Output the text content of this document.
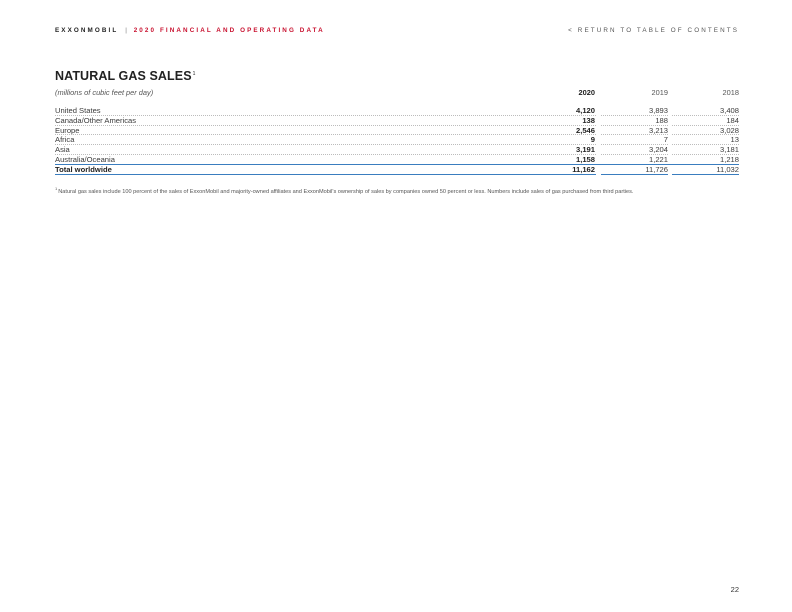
EXXONMOBIL | 2020 FINANCIAL AND OPERATING DATA	< RETURN TO TABLE OF CONTENTS
NATURAL GAS SALES$^1$
(millions of cubic feet per day)	2020	2019	2018
United States	4,120	3,893	3,408
Canada/Other Americas	138	188	184
Europe	2,546	3,213	3,028
Africa	9	7	13
Asia	3,191	3,204	3,181
Australia/Oceania	1,158	1,221	1,218
Total worldwide	11,162	11,726	11,032
$^1$Natural gas sales include 100 percent of the sales of ExxonMobil and majority-owned affiliates and ExxonMobil's ownership of sales by companies owned 50 percent or less. Numbers include sales of gas purchased from third parties.
22
